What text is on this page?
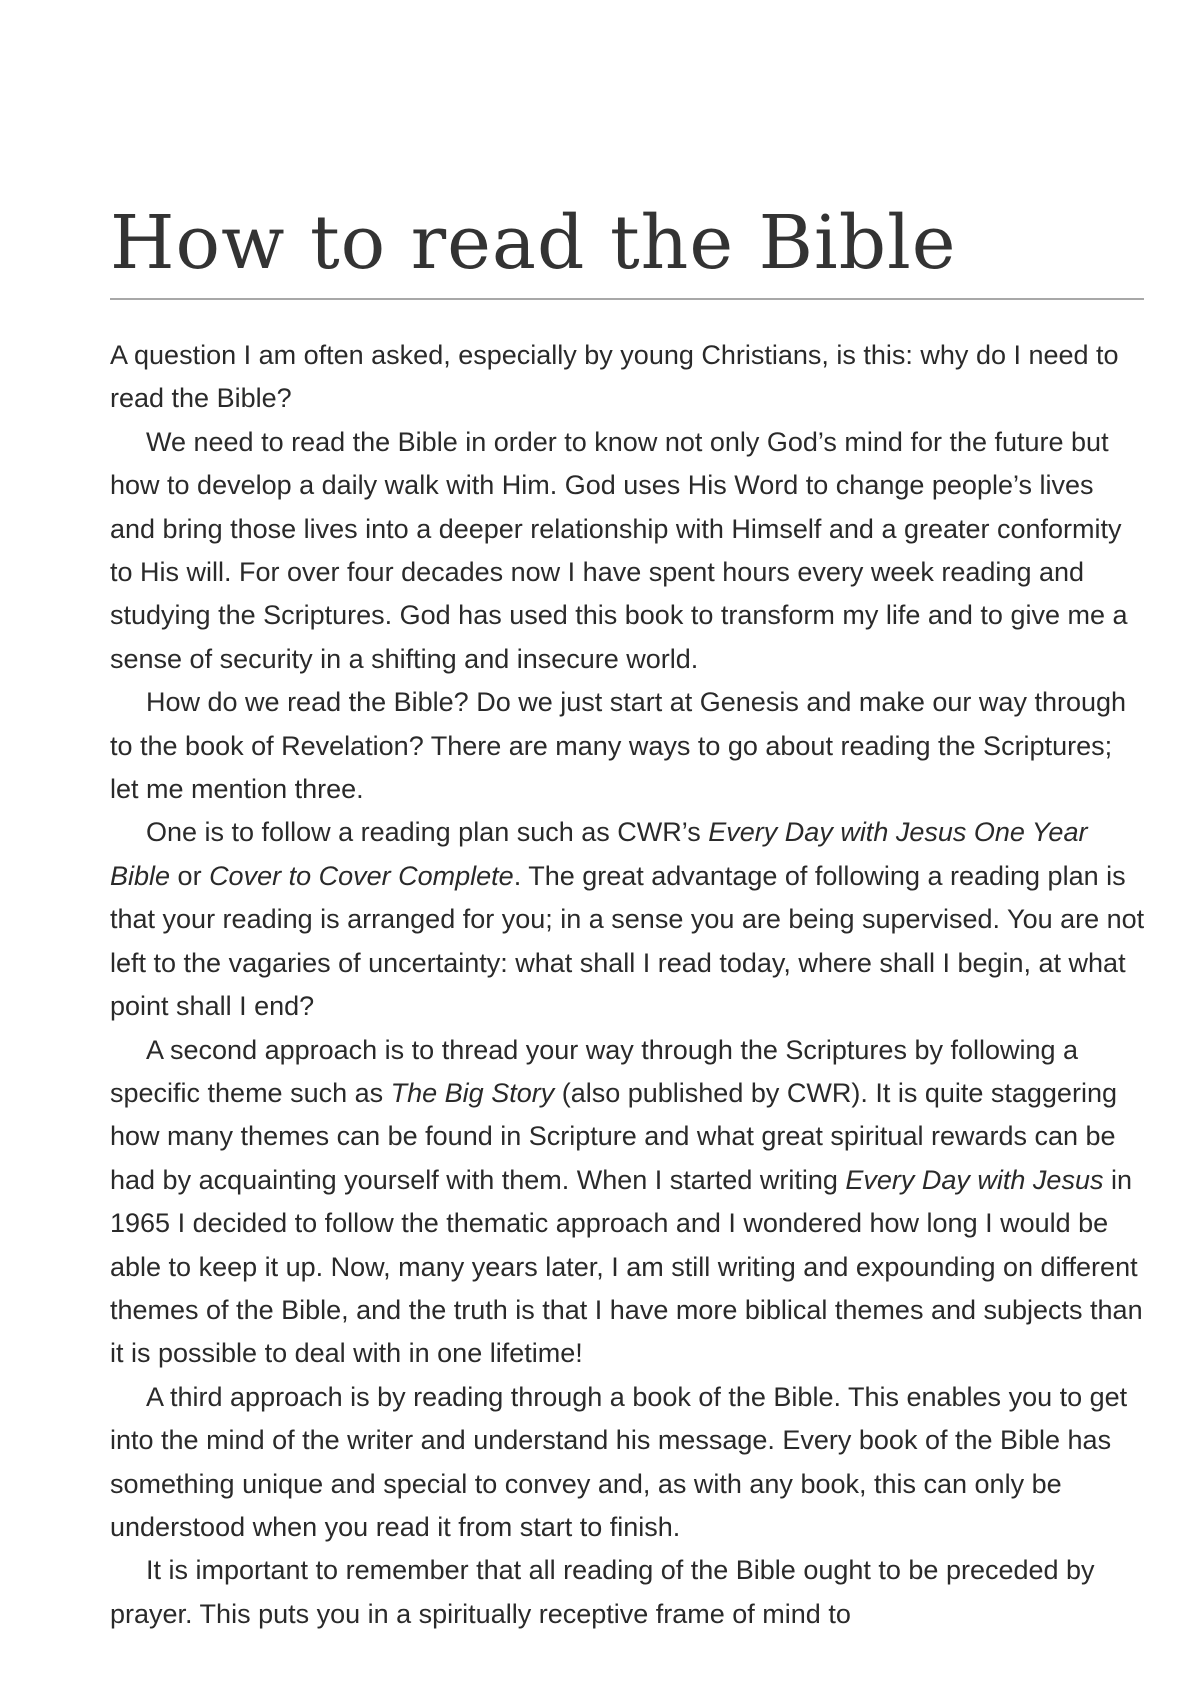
How to read the Bible

A question I am often asked, especially by young Christians, is this: why do I need to read the Bible?

We need to read the Bible in order to know not only God’s mind for the future but how to develop a daily walk with Him. God uses His Word to change people’s lives and bring those lives into a deeper relationship with Himself and a greater conformity to His will. For over four decades now I have spent hours every week reading and studying the Scriptures. God has used this book to transform my life and to give me a sense of security in a shifting and insecure world.

How do we read the Bible? Do we just start at Genesis and make our way through to the book of Revelation? There are many ways to go about reading the Scriptures; let me mention three.

One is to follow a reading plan such as CWR’s Every Day with Jesus One Year Bible or Cover to Cover Complete. The great advantage of following a reading plan is that your reading is arranged for you; in a sense you are being supervised. You are not left to the vagaries of uncertainty: what shall I read today, where shall I begin, at what point shall I end?

A second approach is to thread your way through the Scriptures by following a specific theme such as The Big Story (also published by CWR). It is quite staggering how many themes can be found in Scripture and what great spiritual rewards can be had by acquainting yourself with them. When I started writing Every Day with Jesus in 1965 I decided to follow the thematic approach and I wondered how long I would be able to keep it up. Now, many years later, I am still writing and expounding on different themes of the Bible, and the truth is that I have more biblical themes and subjects than it is possible to deal with in one lifetime!

A third approach is by reading through a book of the Bible. This enables you to get into the mind of the writer and understand his message. Every book of the Bible has something unique and special to convey and, as with any book, this can only be understood when you read it from start to finish.

It is important to remember that all reading of the Bible ought to be preceded by prayer. This puts you in a spiritually receptive frame of mind to
